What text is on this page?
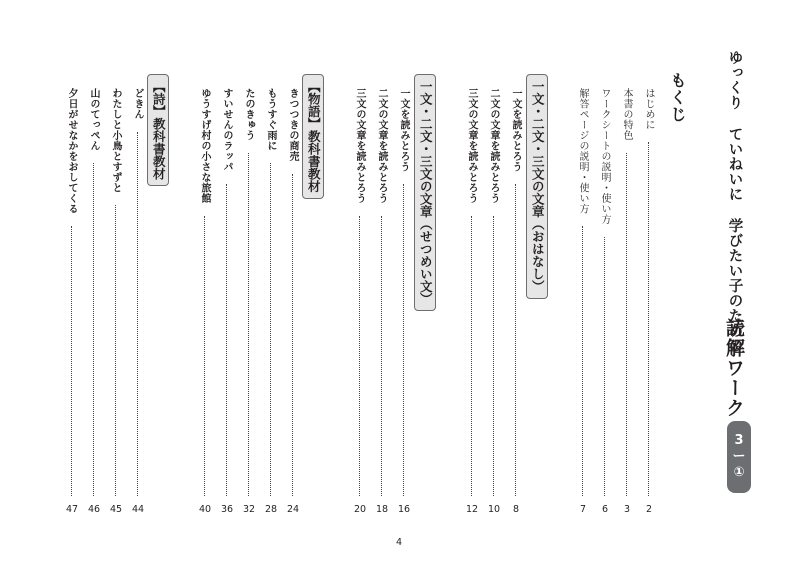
ゆっくり ていねいに 学びたい子のための
読解ワーク
3
ー
①
もくじ
はじめに
2
本書の特色
3
ワークシートの説明・使い方
6
解答ページの説明・使い方
7
一文・二文・三文の文章（おはなし）
一文を読みとろう
8
二文の文章を読みとろう
10
三文の文章を読みとろう
12
一文・二文・三文の文章（せつめい文）
一文を読みとろう
16
二文の文章を読みとろう
18
三文の文章を読みとろう
20
【物語】教科書教材
きつつきの商売
24
もうすぐ雨に
28
たのきゅう
32
すいせんのラッパ
36
ゆうすげ村の小さな旅館
40
【詩】教科書教材
どきん
44
わたしと小鳥とすずと
45
山のてっぺん
46
夕日がせなかをおしてくる
47
4
